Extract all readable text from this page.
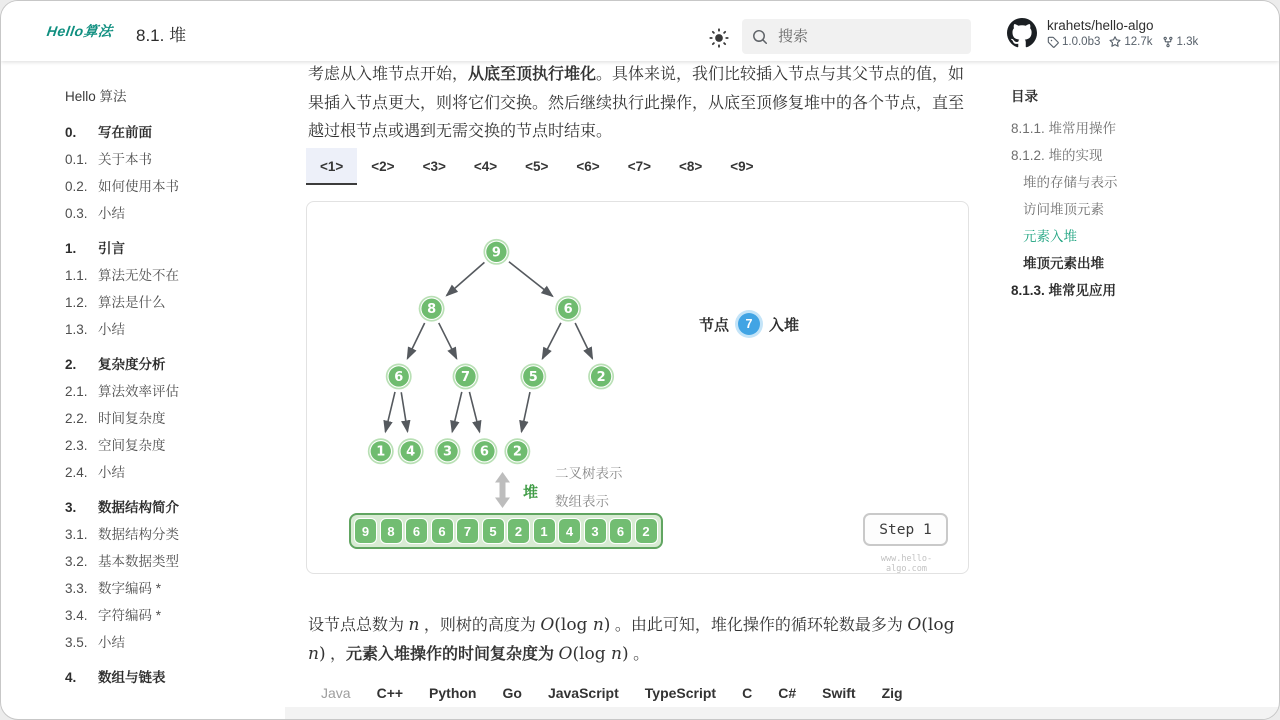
Hello算法 8.1. 堆
搜索
krahets/hello-algo
1.0.0b3 12.7k 1.3k
Hello 算法
0.	写在前面
0.1. 关于本书
0.2. 如何使用本书
0.3. 小结
1.	引言
1.1. 算法无处不在
1.2. 算法是什么
1.3. 小结
2.	复杂度分析
2.1. 算法效率评估
2.2. 时间复杂度
2.3. 空间复杂度
2.4. 小结
3.	数据结构简介
3.1. 数据结构分类
3.2. 基本数据类型
3.3. 数字编码 *
3.4. 字符编码 *
3.5. 小结
4.	数组与链表

考虑从入堆节点开始，从底至顶执行堆化。具体来说，我们比较插入节点与其父节点的值，如果插入节点更大，则将它们交换。然后继续执行此操作，从底至顶修复堆中的各个节点，直至越过根节点或遇到无需交换的节点时结束。

<1>	<2>	<3>	<4>	<5>	<6>	<7>	<8>	<9>
9
8	6
6	7	5	2
1 4 3 6 2
节点	7	入堆
堆
二叉树表示
数组表示
9	8	6	6	7	5	2	1	4	3	6	2	Step 1
www.hello-algo.com

设节点总数为 n ，则树的高度为 O(log n) 。由此可知，堆化操作的循环轮数最多为 O(log n) ，元素入堆操作的时间复杂度为 O(log n) 。

Java	C++	Python	Go	JavaScript	TypeScript	C	C#	Swift	Zig
目录
8.1.1. 堆常用操作
8.1.2. 堆的实现
堆的存储与表示
访问堆顶元素
元素入堆
堆顶元素出堆
8.1.3. 堆常见应用
